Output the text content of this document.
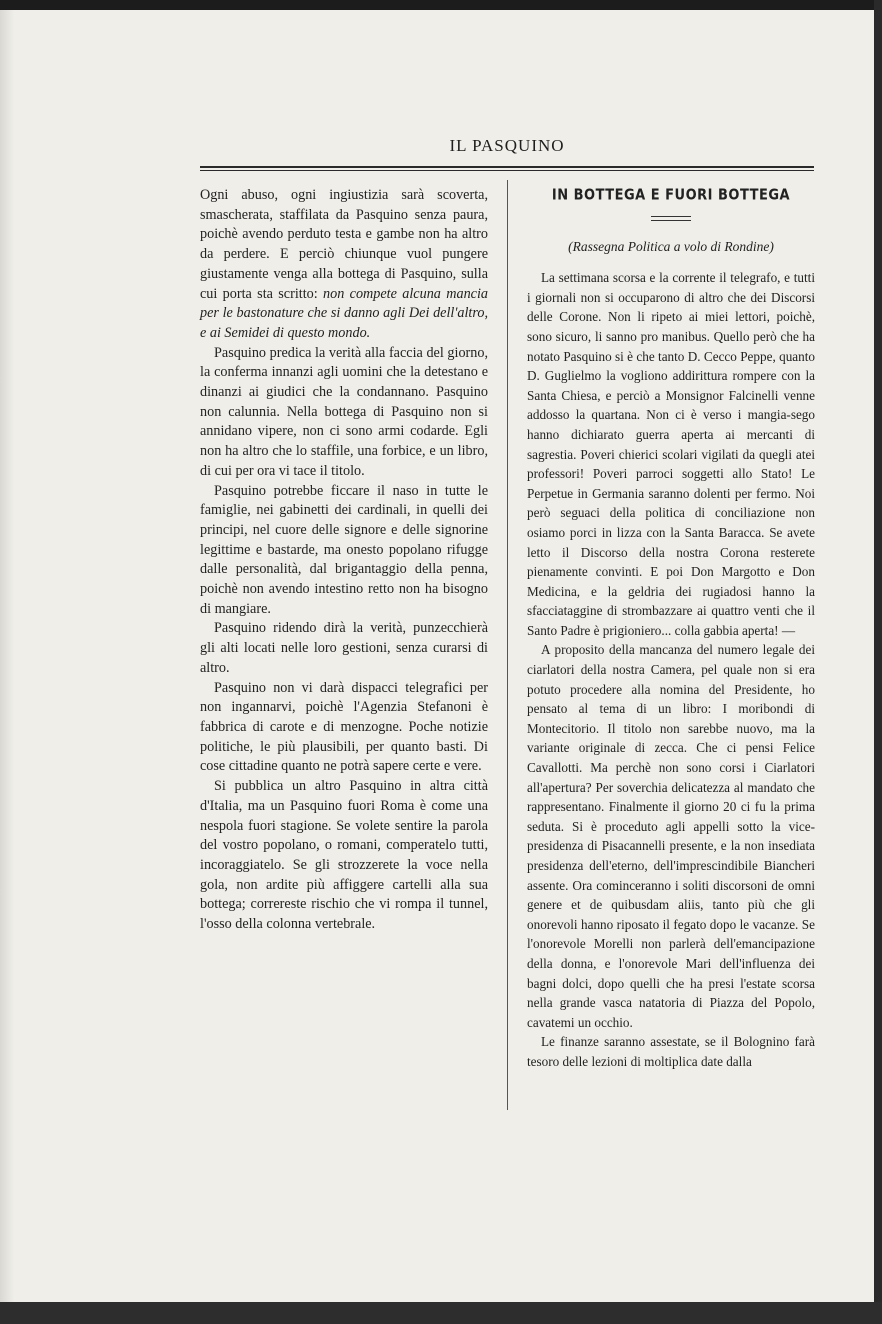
IL PASQUINO

Ogni abuso, ogni ingiustizia sarà scoverta, smascherata, staffilata da Pasquino senza paura, poichè avendo perduto testa e gambe non ha altro da perdere. E perciò chiunque vuol pungere giustamente venga alla bottega di Pasquino, sulla cui porta sta scritto: non compete alcuna mancia per le bastonature che si danno agli Dei dell'altro, e ai Semidei di questo mondo.

Pasquino predica la verità alla faccia del giorno, la conferma innanzi agli uomini che la detestano e dinanzi ai giudici che la condannano. Pasquino non calunnia. Nella bottega di Pasquino non si annidano vipere, non ci sono armi codarde. Egli non ha altro che lo staffile, una forbice, e un libro, di cui per ora vi tace il titolo.

Pasquino potrebbe ficcare il naso in tutte le famiglie, nei gabinetti dei cardinali, in quelli dei principi, nel cuore delle signore e delle signorine legittime e bastarde, ma onesto popolano rifugge dalle personalità, dal brigantaggio della penna, poichè non avendo intestino retto non ha bisogno di mangiare.

Pasquino ridendo dirà la verità, punzecchierà gli alti locati nelle loro gestioni, senza curarsi di altro.

Pasquino non vi darà dispacci telegrafici per non ingannarvi, poichè l'Agenzia Stefanoni è fabbrica di carote e di menzogne. Poche notizie politiche, le più plausibili, per quanto basti. Di cose cittadine quanto ne potrà sapere certe e vere.

Si pubblica un altro Pasquino in altra città d'Italia, ma un Pasquino fuori Roma è come una nespola fuori stagione. Se volete sentire la parola del vostro popolano, o romani, comperatelo tutti, incoraggiatelo. Se gli strozzerete la voce nella gola, non ardite più affiggere cartelli alla sua bottega; correreste rischio che vi rompa il tunnel, l'osso della colonna vertebrale.

IN BOTTEGA E FUORI BOTTEGA
(Rassegna Politica a volo di Rondine)

La settimana scorsa e la corrente il telegrafo, e tutti i giornali non si occuparono di altro che dei Discorsi delle Corone. Non li ripeto ai miei lettori, poichè, sono sicuro, li sanno pro manibus. Quello però che ha notato Pasquino si è che tanto D. Cecco Peppe, quanto D. Guglielmo la vogliono addirittura rompere con la Santa Chiesa, e perciò a Monsignor Falcinelli venne addosso la quartana. Non ci è verso i mangia-sego hanno dichiarato guerra aperta ai mercanti di sagrestia. Poveri chierici scolari vigilati da quegli atei professori! Poveri parroci soggetti allo Stato! Le Perpetue in Germania saranno dolenti per fermo. Noi però seguaci della politica di conciliazione non osiamo porci in lizza con la Santa Baracca. Se avete letto il Discorso della nostra Corona resterete pienamente convinti. E poi Don Margotto e Don Medicina, e la geldria dei rugiadosi hanno la sfacciataggine di strombazzare ai quattro venti che il Santo Padre è prigioniero... colla gabbia aperta! —

A proposito della mancanza del numero legale dei ciarlatori della nostra Camera, pel quale non si era potuto procedere alla nomina del Presidente, ho pensato al tema di un libro: I moribondi di Montecitorio. Il titolo non sarebbe nuovo, ma la variante originale di zecca. Che ci pensi Felice Cavallotti. Ma perchè non sono corsi i Ciarlatori all'apertura? Per soverchia delicatezza al mandato che rappresentano. Finalmente il giorno 20 ci fu la prima seduta. Si è proceduto agli appelli sotto la vice-presidenza di Pisacannelli presente, e la non insediata presidenza dell'eterno, dell'imprescindibile Biancheri assente. Ora cominceranno i soliti discorsoni de omni genere et de quibusdam aliis, tanto più che gli onorevoli hanno riposato il fegato dopo le vacanze. Se l'onorevole Morelli non parlerà dell'emancipazione della donna, e l'onorevole Mari dell'influenza dei bagni dolci, dopo quelli che ha presi l'estate scorsa nella grande vasca natatoria di Piazza del Popolo, cavatemi un occhio.

Le finanze saranno assestate, se il Bolognino farà tesoro delle lezioni di moltiplica date dalla
